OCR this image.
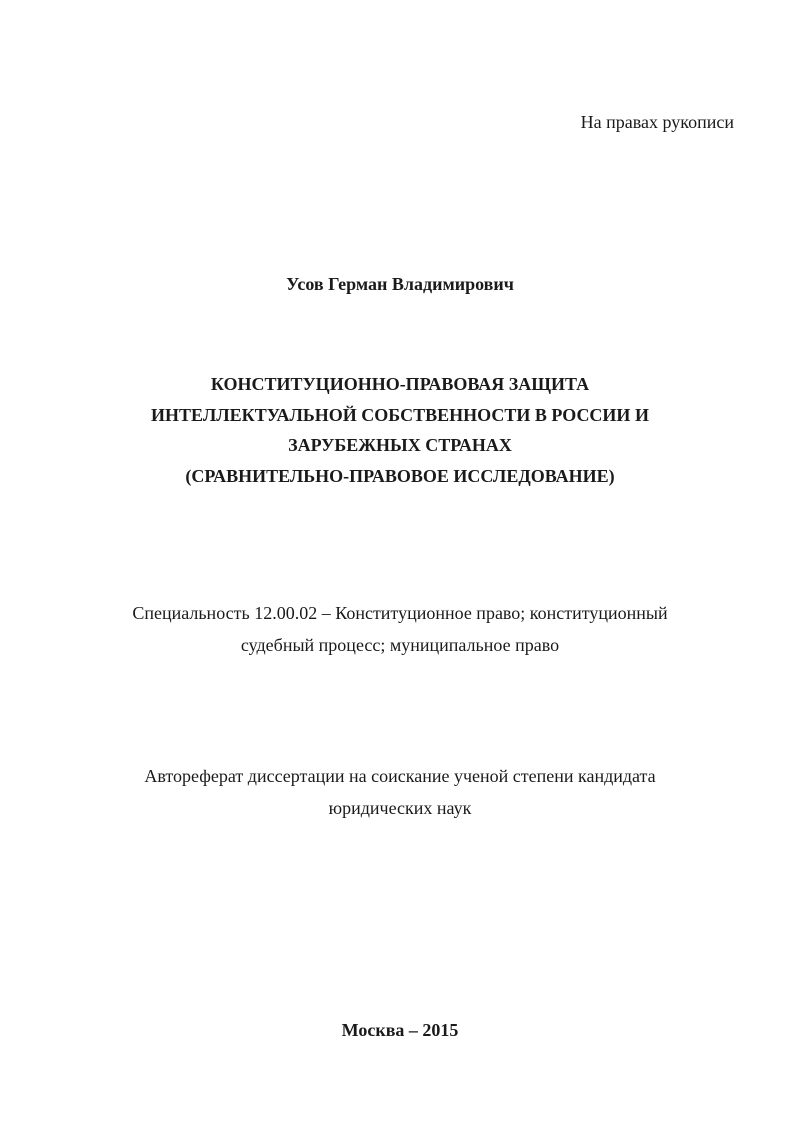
На правах рукописи
Усов Герман Владимирович
КОНСТИТУЦИОННО-ПРАВОВАЯ ЗАЩИТА
ИНТЕЛЛЕКТУАЛЬНОЙ СОБСТВЕННОСТИ В РОССИИ И
ЗАРУБЕЖНЫХ СТРАНАХ
(СРАВНИТЕЛЬНО-ПРАВОВОЕ ИССЛЕДОВАНИЕ)
Специальность 12.00.02 – Конституционное право; конституционный
судебный процесс; муниципальное право
Автореферат диссертации на соискание ученой степени кандидата
юридических наук
Москва – 2015
